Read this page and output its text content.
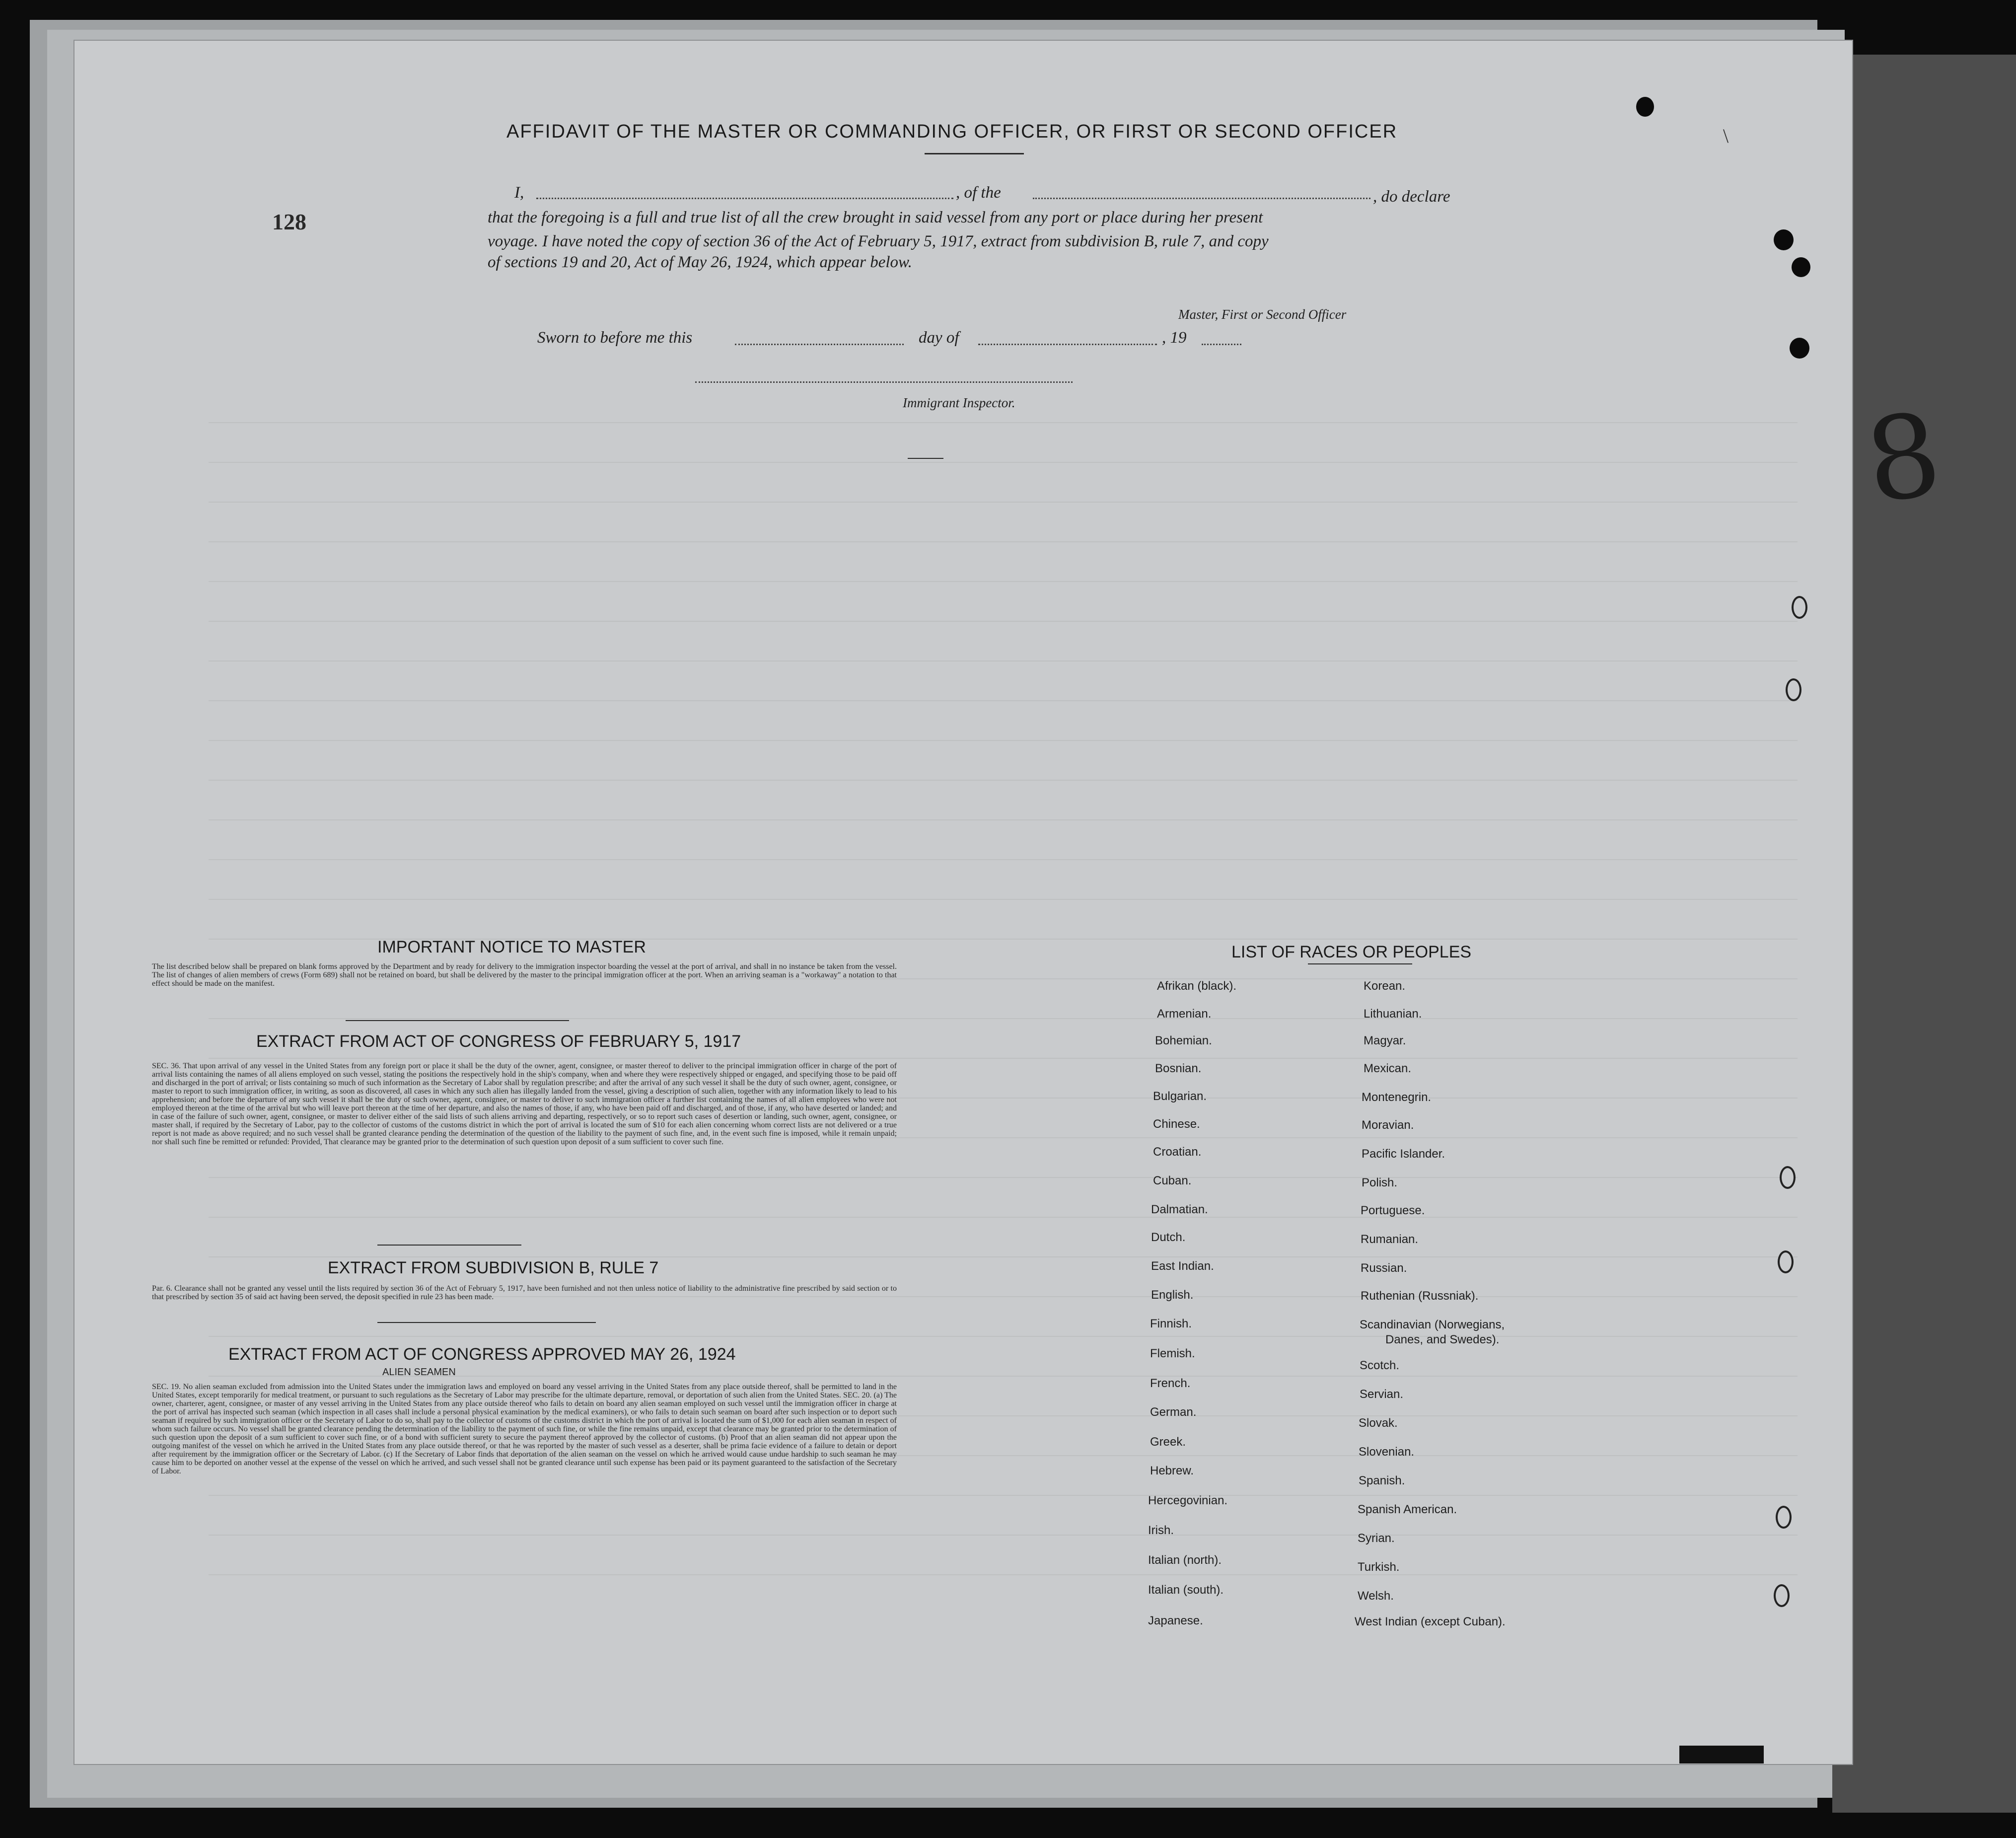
128
8
\
AFFIDAVIT OF THE MASTER OR COMMANDING OFFICER, OR FIRST OR SECOND OFFICER
I,	, of the	, do declare
that the foregoing is a full and true list of all the crew brought in said vessel from any port or place during her present
voyage. I have noted the copy of section 36 of the Act of February 5, 1917, extract from subdivision B, rule 7, and copy
of sections 19 and 20, Act of May 26, 1924, which appear below.
Master, First or Second Officer
Sworn to before me this	day of	, 19
Immigrant Inspector.
IMPORTANT NOTICE TO MASTER
The list described below shall be prepared on blank forms approved by the Department and by ready for delivery to the immigration inspector boarding the vessel at the port of arrival, and shall in no instance be taken from the vessel. The list of changes of alien members of crews (Form 689) shall not be retained on board, but shall be delivered by the master to the principal immigration officer at the port. When an arriving seaman is a "workaway" a notation to that effect should be made on the manifest.
EXTRACT FROM ACT OF CONGRESS OF FEBRUARY 5, 1917
SEC. 36. That upon arrival of any vessel in the United States from any foreign port or place it shall be the duty of the owner, agent, consignee, or master thereof to deliver to the principal immigration officer in charge of the port of arrival lists containing the names of all aliens employed on such vessel, stating the positions the respectively hold in the ship's company, when and where they were respectively shipped or engaged, and specifying those to be paid off and discharged in the port of arrival; or lists containing so much of such information as the Secretary of Labor shall by regulation prescribe; and after the arrival of any such vessel it shall be the duty of such owner, agent, consignee, or master to report to such immigration officer, in writing, as soon as discovered, all cases in which any such alien has illegally landed from the vessel, giving a description of such alien, together with any information likely to lead to his apprehension; and before the departure of any such vessel it shall be the duty of such owner, agent, consignee, or master to deliver to such immigration officer a further list containing the names of all alien employees who were not employed thereon at the time of the arrival but who will leave port thereon at the time of her departure, and also the names of those, if any, who have been paid off and discharged, and of those, if any, who have deserted or landed; and in case of the failure of such owner, agent, consignee, or master to deliver either of the said lists of such aliens arriving and departing, respectively, or so to report such cases of desertion or landing, such owner, agent, consignee, or master shall, if required by the Secretary of Labor, pay to the collector of customs of the customs district in which the port of arrival is located the sum of $10 for each alien concerning whom correct lists are not delivered or a true report is not made as above required; and no such vessel shall be granted clearance pending the determination of the question of the liability to the payment of such fine, and, in the event such fine is imposed, while it remain unpaid; nor shall such fine be remitted or refunded: Provided, That clearance may be granted prior to the determination of such question upon deposit of a sum sufficient to cover such fine.
EXTRACT FROM SUBDIVISION B, RULE 7
Par. 6. Clearance shall not be granted any vessel until the lists required by section 36 of the Act of February 5, 1917, have been furnished and not then unless notice of liability to the administrative fine prescribed by said section or to that prescribed by section 35 of said act having been served, the deposit specified in rule 23 has been made.
EXTRACT FROM ACT OF CONGRESS APPROVED MAY 26, 1924
ALIEN SEAMEN
SEC. 19. No alien seaman excluded from admission into the United States under the immigration laws and employed on board any vessel arriving in the United States from any place outside thereof, shall be permitted to land in the United States, except temporarily for medical treatment, or pursuant to such regulations as the Secretary of Labor may prescribe for the ultimate departure, removal, or deportation of such alien from the United States. SEC. 20. (a) The owner, charterer, agent, consignee, or master of any vessel arriving in the United States from any place outside thereof who fails to detain on board any alien seaman employed on such vessel until the immigration officer in charge at the port of arrival has inspected such seaman (which inspection in all cases shall include a personal physical examination by the medical examiners), or who fails to detain such seaman on board after such inspection or to deport such seaman if required by such immigration officer or the Secretary of Labor to do so, shall pay to the collector of customs of the customs district in which the port of arrival is located the sum of $1,000 for each alien seaman in respect of whom such failure occurs. No vessel shall be granted clearance pending the determination of the liability to the payment of such fine, or while the fine remains unpaid, except that clearance may be granted prior to the determination of such question upon the deposit of a sum sufficient to cover such fine, or of a bond with sufficient surety to secure the payment thereof approved by the collector of customs. (b) Proof that an alien seaman did not appear upon the outgoing manifest of the vessel on which he arrived in the United States from any place outside thereof, or that he was reported by the master of such vessel as a deserter, shall be prima facie evidence of a failure to detain or deport after requirement by the immigration officer or the Secretary of Labor. (c) If the Secretary of Labor finds that deportation of the alien seaman on the vessel on which he arrived would cause undue hardship to such seaman he may cause him to be deported on another vessel at the expense of the vessel on which he arrived, and such vessel shall not be granted clearance until such expense has been paid or its payment guaranteed to the satisfaction of the Secretary of Labor.
LIST OF RACES OR PEOPLES
Afrikan (black).
Armenian.
Bohemian.
Bosnian.
Bulgarian.
Chinese.
Croatian.
Cuban.
Dalmatian.
Dutch.
East Indian.
English.
Finnish.
Flemish.
French.
German.
Greek.
Hebrew.
Hercegovinian.
Irish.
Italian (north).
Italian (south).
Japanese.
Korean.
Lithuanian.
Magyar.
Mexican.
Montenegrin.
Moravian.
Pacific Islander.
Polish.
Portuguese.
Rumanian.
Russian.
Ruthenian (Russniak).
Scandinavian (Norwegians,
Danes, and Swedes).
Scotch.
Servian.
Slovak.
Slovenian.
Spanish.
Spanish American.
Syrian.
Turkish.
Welsh.
West Indian (except Cuban).
